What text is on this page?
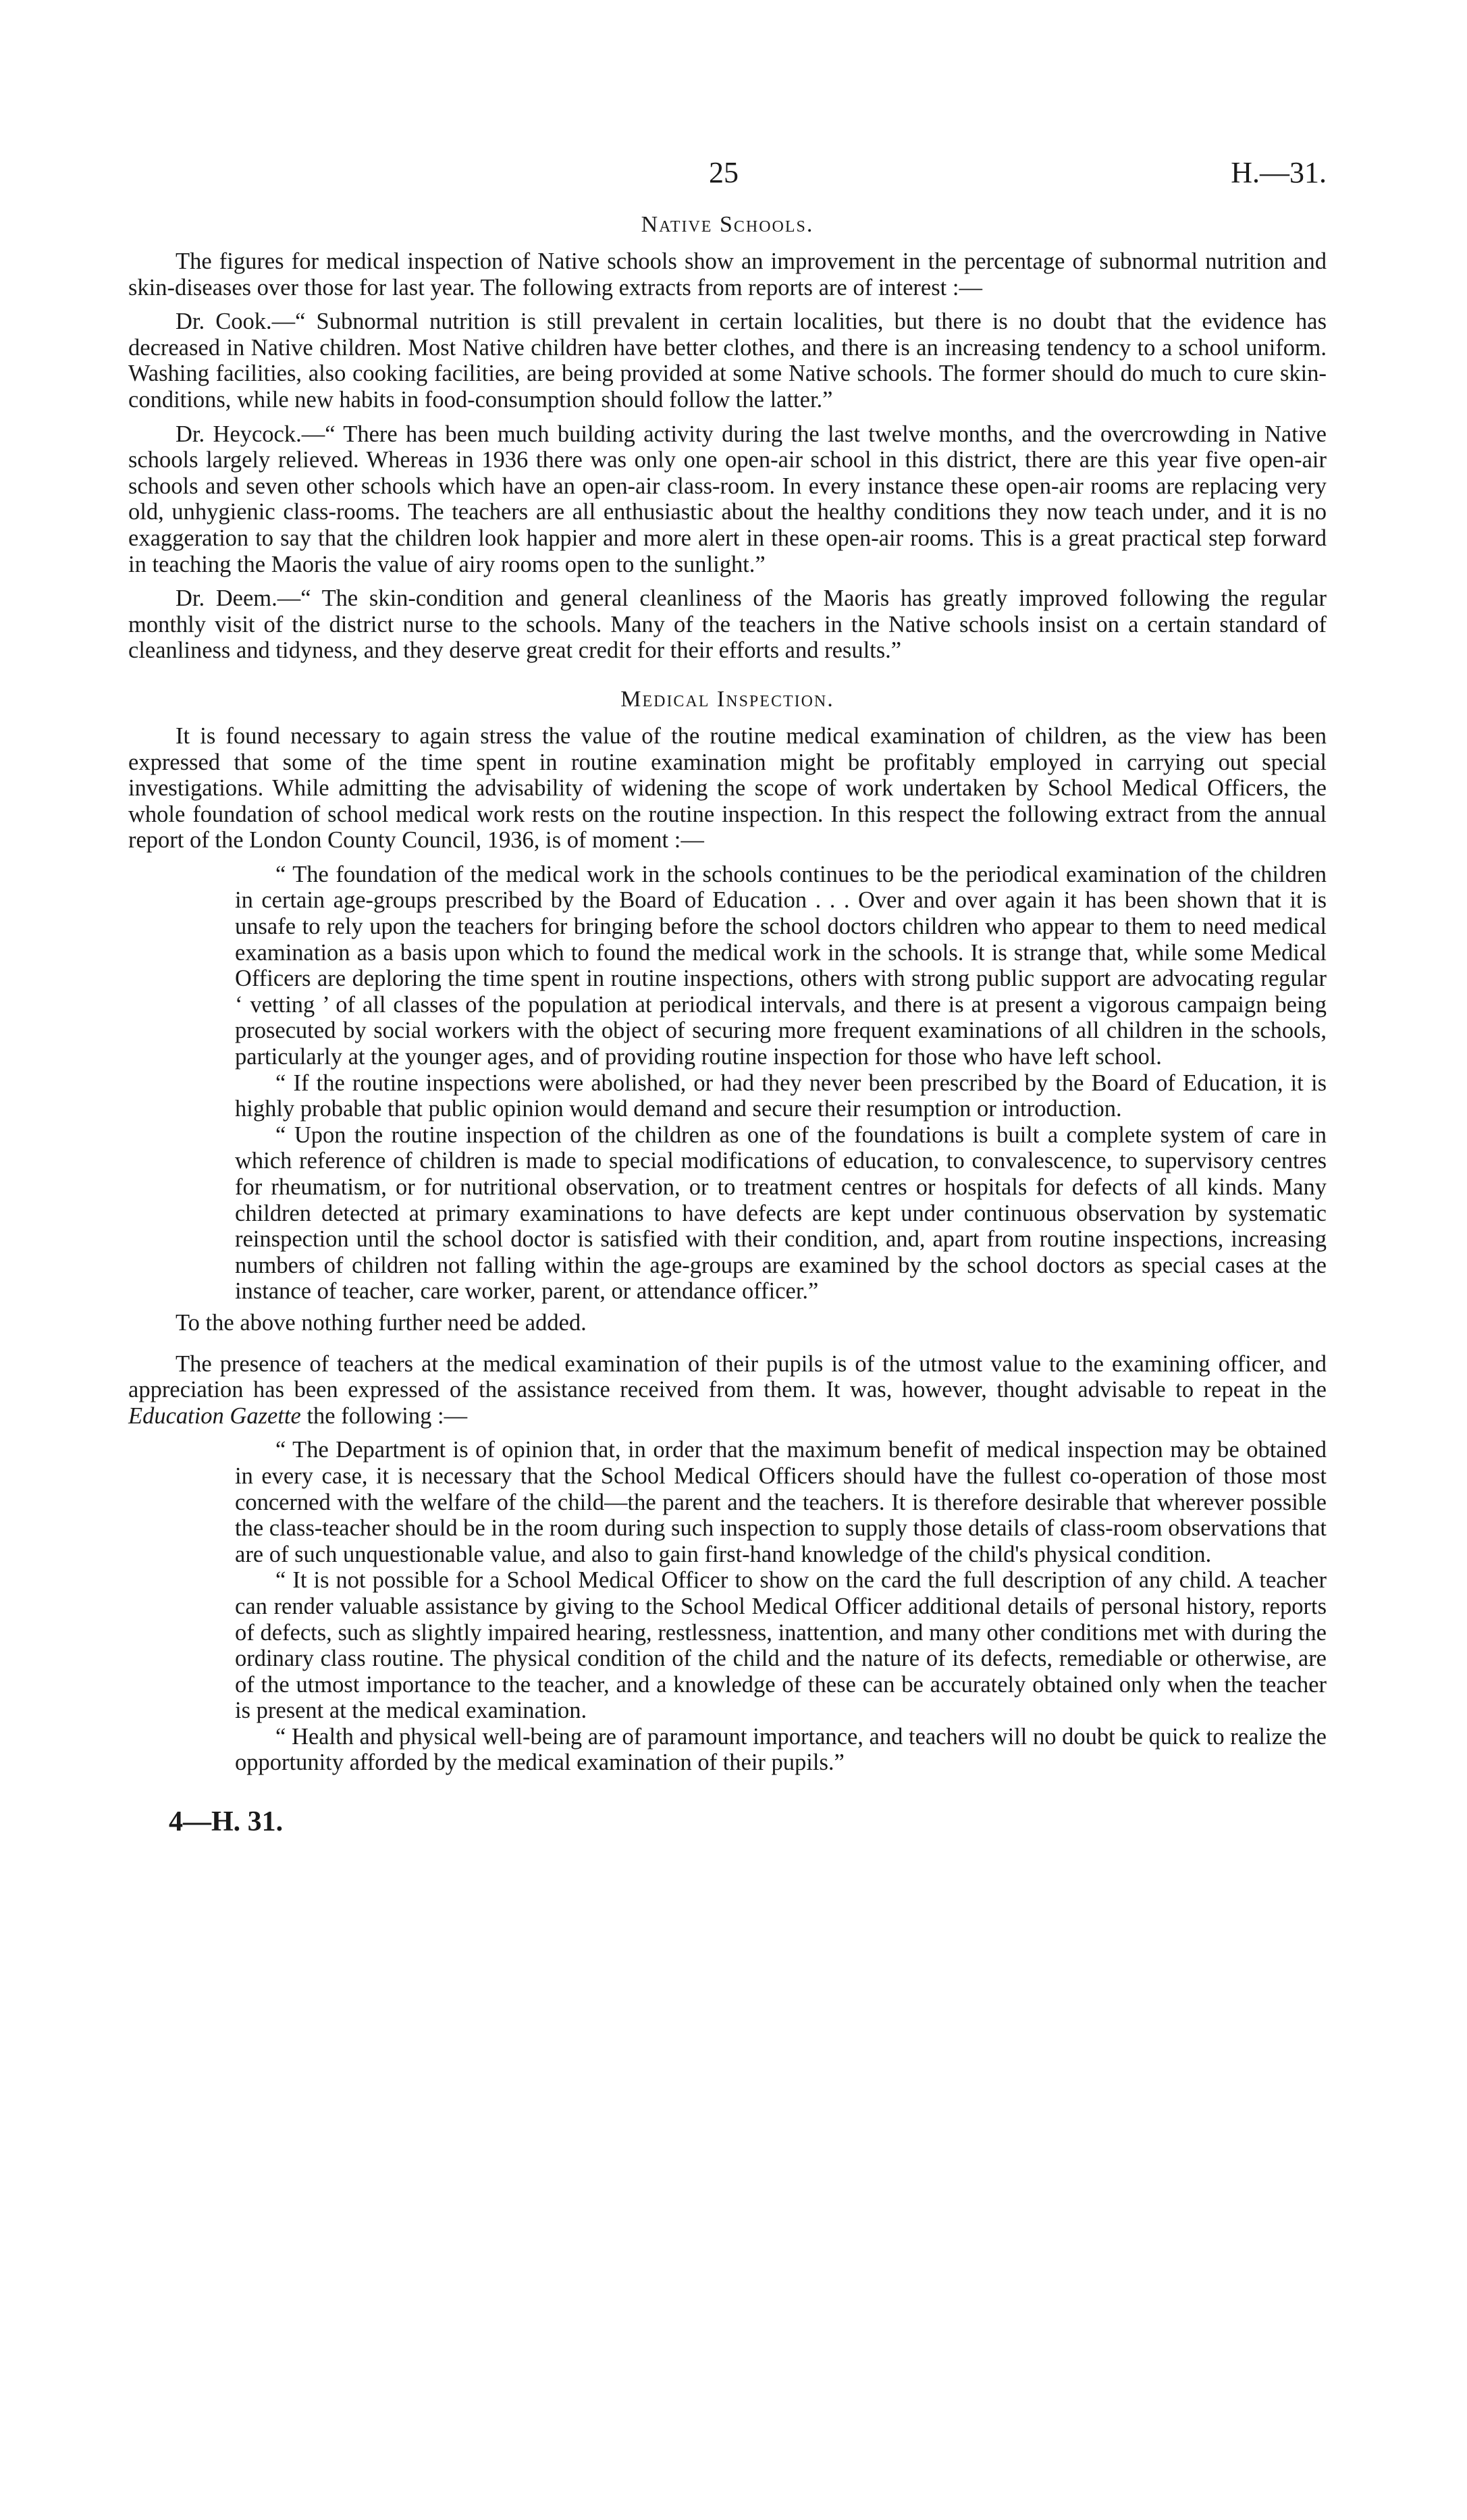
25	H.—31.
Native Schools.

The figures for medical inspection of Native schools show an improvement in the percentage of subnormal nutrition and skin-diseases over those for last year. The following extracts from reports are of interest :—

Dr. Cook.—“ Subnormal nutrition is still prevalent in certain localities, but there is no doubt that the evidence has decreased in Native children. Most Native children have better clothes, and there is an increasing tendency to a school uniform. Washing facilities, also cooking facilities, are being provided at some Native schools. The former should do much to cure skin-conditions, while new habits in food-consumption should follow the latter.”

Dr. Heycock.—“ There has been much building activity during the last twelve months, and the overcrowding in Native schools largely relieved. Whereas in 1936 there was only one open-air school in this district, there are this year five open-air schools and seven other schools which have an open-air class-room. In every instance these open-air rooms are replacing very old, unhygienic class-rooms. The teachers are all enthusiastic about the healthy conditions they now teach under, and it is no exaggeration to say that the children look happier and more alert in these open-air rooms. This is a great practical step forward in teaching the Maoris the value of airy rooms open to the sunlight.”

Dr. Deem.—“ The skin-condition and general cleanliness of the Maoris has greatly improved following the regular monthly visit of the district nurse to the schools. Many of the teachers in the Native schools insist on a certain standard of cleanliness and tidyness, and they deserve great credit for their efforts and results.”

Medical Inspection.

It is found necessary to again stress the value of the routine medical examination of children, as the view has been expressed that some of the time spent in routine examination might be profitably employed in carrying out special investigations. While admitting the advisability of widening the scope of work undertaken by School Medical Officers, the whole foundation of school medical work rests on the routine inspection. In this respect the following extract from the annual report of the London County Council, 1936, is of moment :—

“ The foundation of the medical work in the schools continues to be the periodical examination of the children in certain age-groups prescribed by the Board of Education . . . Over and over again it has been shown that it is unsafe to rely upon the teachers for bringing before the school doctors children who appear to them to need medical examination as a basis upon which to found the medical work in the schools. It is strange that, while some Medical Officers are deploring the time spent in routine inspections, others with strong public support are advocating regular ‘ vetting ’ of all classes of the population at periodical intervals, and there is at present a vigorous campaign being prosecuted by social workers with the object of securing more frequent examinations of all children in the schools, particularly at the younger ages, and of providing routine inspection for those who have left school.

“ If the routine inspections were abolished, or had they never been prescribed by the Board of Education, it is highly probable that public opinion would demand and secure their resumption or introduction.

“ Upon the routine inspection of the children as one of the foundations is built a complete system of care in which reference of children is made to special modifications of education, to convalescence, to supervisory centres for rheumatism, or for nutritional observation, or to treatment centres or hospitals for defects of all kinds. Many children detected at primary examinations to have defects are kept under continuous observation by systematic reinspection until the school doctor is satisfied with their condition, and, apart from routine inspections, increasing numbers of children not falling within the age-groups are examined by the school doctors as special cases at the instance of teacher, care worker, parent, or attendance officer.”

To the above nothing further need be added.

The presence of teachers at the medical examination of their pupils is of the utmost value to the examining officer, and appreciation has been expressed of the assistance received from them. It was, however, thought advisable to repeat in the Education Gazette the following :—

“ The Department is of opinion that, in order that the maximum benefit of medical inspection may be obtained in every case, it is necessary that the School Medical Officers should have the fullest co-operation of those most concerned with the welfare of the child—the parent and the teachers. It is therefore desirable that wherever possible the class-teacher should be in the room during such inspection to supply those details of class-room observations that are of such unquestionable value, and also to gain first-hand knowledge of the child's physical condition.

“ It is not possible for a School Medical Officer to show on the card the full description of any child. A teacher can render valuable assistance by giving to the School Medical Officer additional details of personal history, reports of defects, such as slightly impaired hearing, restlessness, inattention, and many other conditions met with during the ordinary class routine. The physical condition of the child and the nature of its defects, remediable or otherwise, are of the utmost importance to the teacher, and a knowledge of these can be accurately obtained only when the teacher is present at the medical examination.

“ Health and physical well-being are of paramount importance, and teachers will no doubt be quick to realize the opportunity afforded by the medical examination of their pupils.”

4—H. 31.
